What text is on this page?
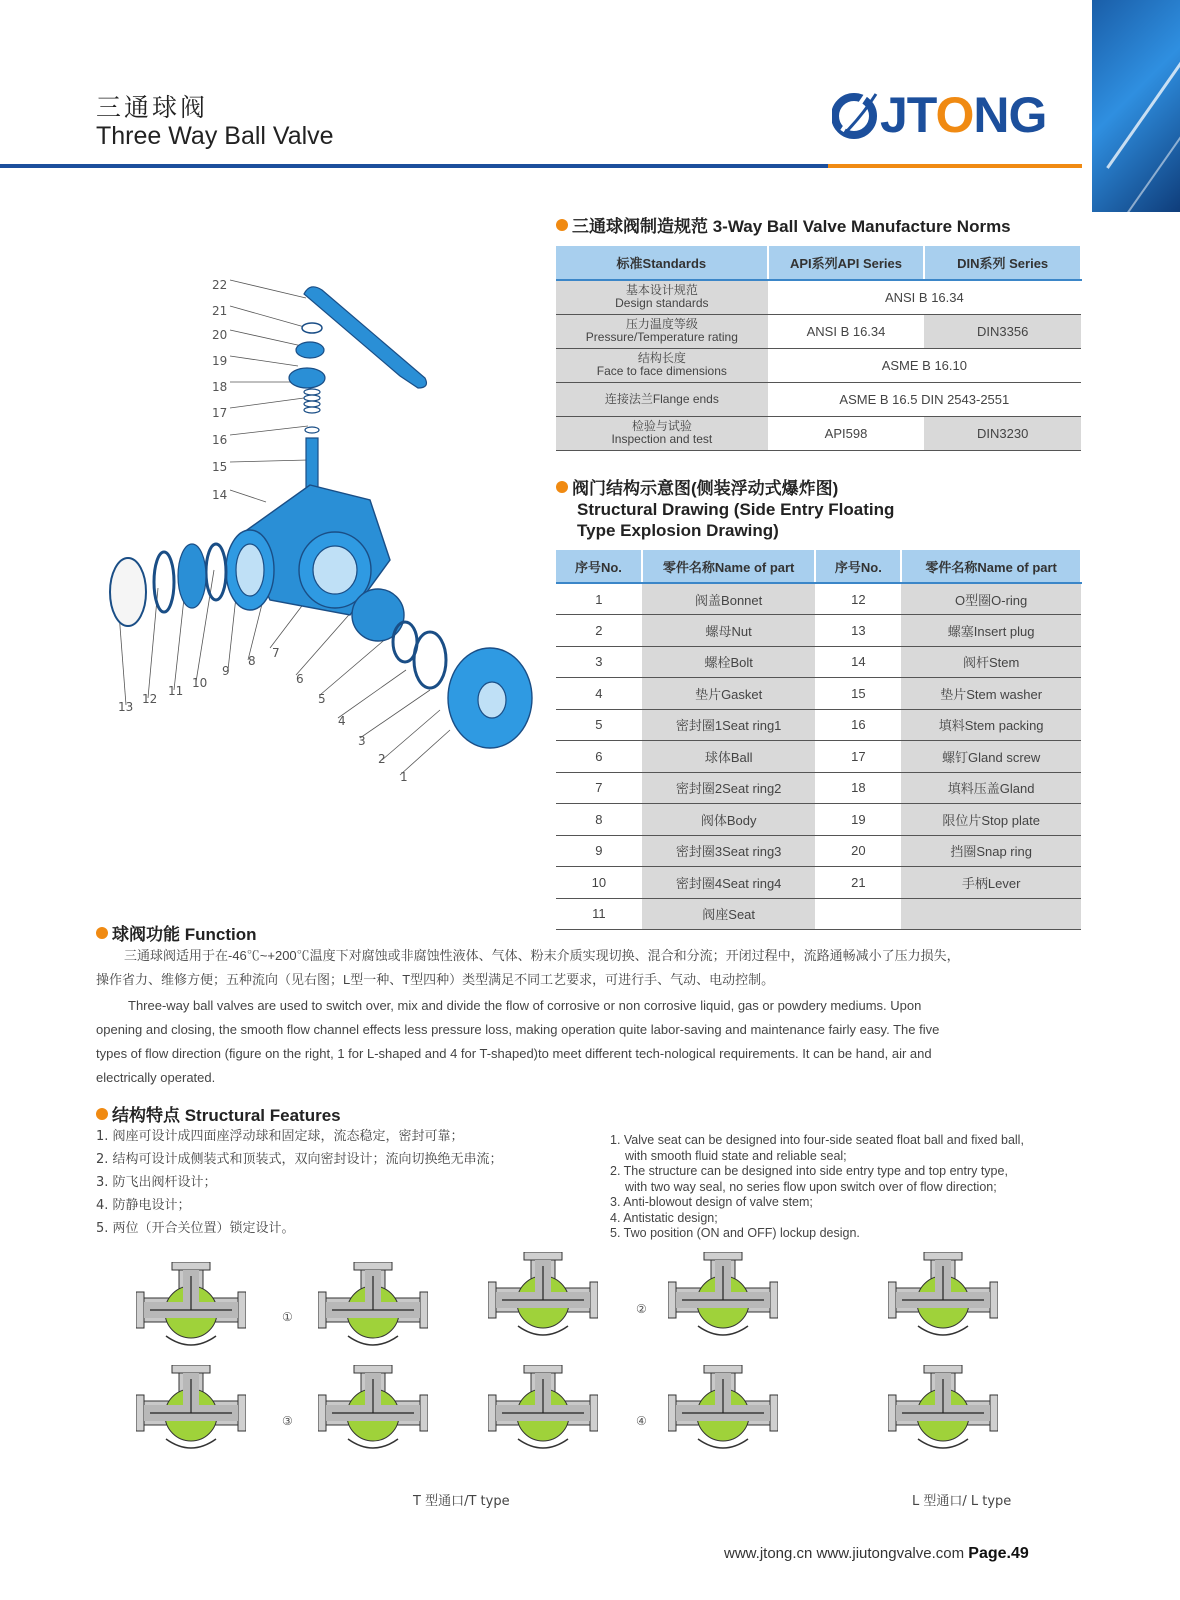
三通球阀
Three Way Ball Valve	JTONG
三通球阀制造规范 3-Way Ball Valve Manufacture Norms
标准Standards	API系列API Series	DIN系列 Series

基本设计规范
Design standards	ANSI B 16.34	

压力温度等级
Pressure/Temperature rating	ANSI B 16.34	DIN3356

结构长度
Face to face dimensions	ASME B 16.10	
连接法兰Flange ends	ASME B 16.5 DIN 2543-2551	

检验与试验
Inspection and test	API598	DIN3230
阀门结构示意图(侧装浮动式爆炸图)
Structural Drawing (Side Entry Floating
Type Explosion Drawing)
序号No.	零件名称Name of part	序号No.	零件名称Name of part
1	阀盖Bonnet	12	O型圈O-ring
2	螺母Nut	13	螺塞Insert plug
3	螺栓Bolt	14	阀杆Stem
4	垫片Gasket	15	垫片Stem washer
5	密封圈1Seat ring1	16	填料Stem packing
6	球体Ball	17	螺钉Gland screw
7	密封圈2Seat ring2	18	填料压盖Gland
8	阀体Body	19	限位片Stop plate
9	密封圈3Seat ring3	20	挡圈Snap ring
10	密封圈4Seat ring4	21	手柄Lever
11	阀座Seat		
22
21
20
19
18
17
16
15
14
13
12
11
10
9
8
7
6
5
4
3
2
1
球阀功能 Function
三通球阀适用于在-46℃~+200℃温度下对腐蚀或非腐蚀性液体、气体、粉末介质实现切换、混合和分流；开闭过程中，流路通畅减小了压力损失，
操作省力、维修方便；五种流向（见右图；L型一种、T型四种）类型满足不同工艺要求，可进行手、气动、电动控制。
Three-way ball valves are used to switch over, mix and divide the flow of corrosive or non corrosive liquid, gas or powdery mediums. Upon
opening and closing, the smooth flow channel effects less pressure loss, making operation quite labor-saving and maintenance fairly easy. The five
types of flow direction (figure on the right, 1 for L-shaped and 4 for T-shaped)to meet different tech-nological requirements. It can be hand, air and
electrically operated.
结构特点 Structural Features
1. 阀座可设计成四面座浮动球和固定球，流态稳定，密封可靠；
2. 结构可设计成侧装式和顶装式，双向密封设计；流向切换绝无串流；
3. 防飞出阀杆设计；
4. 防静电设计；
5. 两位（开合关位置）锁定设计。
1. Valve seat can be designed into four-side seated float ball and fixed ball,
with smooth fluid state and reliable seal;
2. The structure can be designed into side entry type and top entry type,
with two way seal, no series flow upon switch over of flow direction;
3. Anti-blowout design of valve stem;
4. Antistatic design;
5. Two position (ON and OFF) lockup design.
①
②
③	④
T 型通口/T type	L 型通口/ L type
www.jtong.cn www.jiutongvalve.com Page.49
